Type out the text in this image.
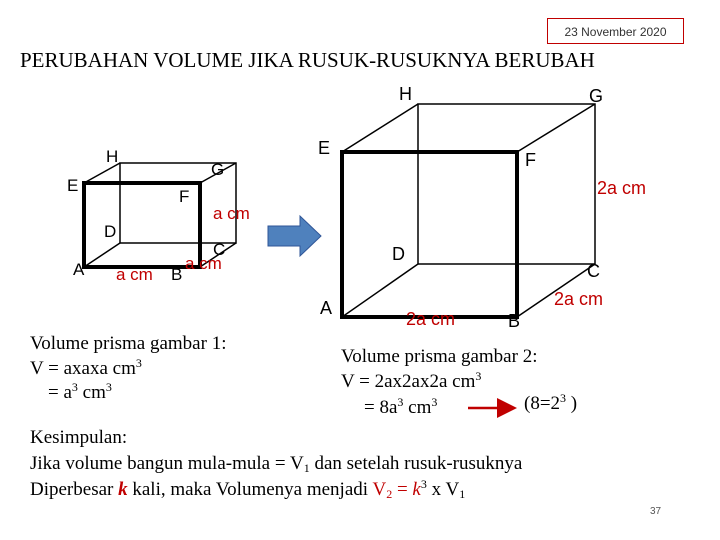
23 November 2020
PERUBAHAN VOLUME JIKA RUSUK-RUSUKNYA BERUBAH
H
G
E
F
D
C
A	B
a cm
a cm
a cm
H	G
E
F
D
C
A
B
2a cm
2a cm
2a cm
Volume prisma gambar 1:
V = axaxa $cm^3$
= $a^3$ $cm^3$
Volume prisma gambar 2:
V = 2ax2ax2a $cm^3$
= $8a^3$ $cm^3$	($8=2^3$ )
Kesimpulan:
Jika volume bangun mula-mula = $V_1$ dan setelah rusuk-rusuknya
Diperbesar k kali, maka Volumenya menjadi $V_2 = k^3$ x $V_1$
37
